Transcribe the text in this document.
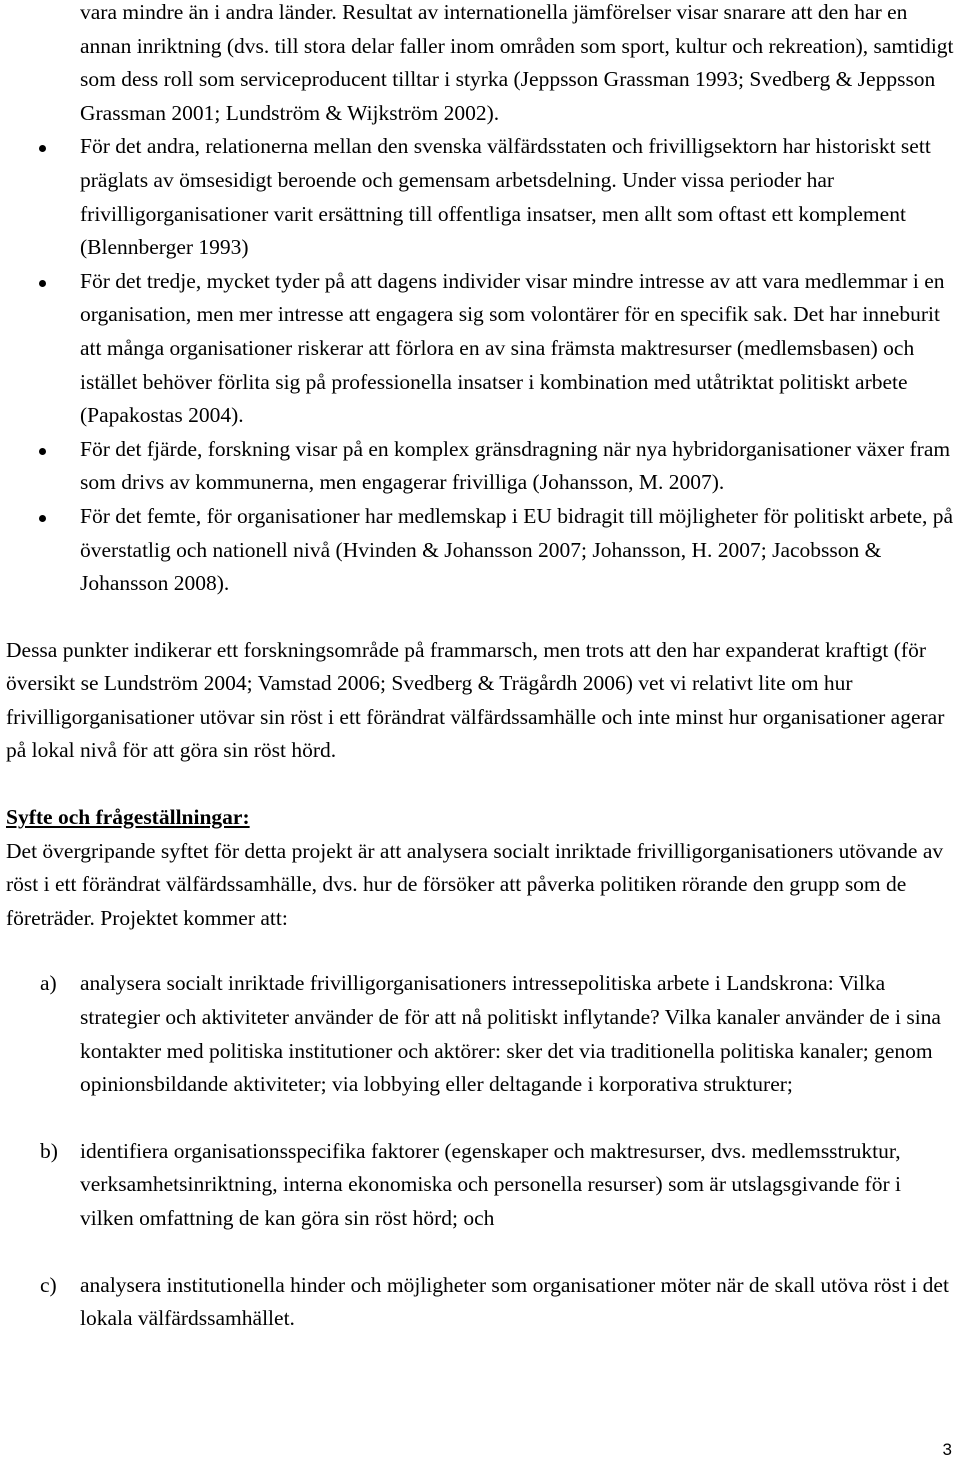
vara mindre än i andra länder. Resultat av internationella jämförelser visar snarare att den har en annan inriktning (dvs. till stora delar faller inom områden som sport, kultur och rekreation), samtidigt som dess roll som serviceproducent tilltar i styrka (Jeppsson Grassman 1993; Svedberg & Jeppsson Grassman 2001; Lundström & Wijkström 2002).

För det andra, relationerna mellan den svenska välfärdsstaten och frivilligsektorn har historiskt sett präglats av ömsesidigt beroende och gemensam arbetsdelning. Under vissa perioder har frivilligorganisationer varit ersättning till offentliga insatser, men allt som oftast ett komplement (Blennberger 1993)
För det tredje, mycket tyder på att dagens individer visar mindre intresse av att vara medlemmar i en organisation, men mer intresse att engagera sig som volontärer för en specifik sak. Det har inneburit att många organisationer riskerar att förlora en av sina främsta maktresurser (medlemsbasen) och istället behöver förlita sig på professionella insatser i kombination med utåtriktat politiskt arbete (Papakostas 2004).
För det fjärde, forskning visar på en komplex gränsdragning när nya hybridorganisationer växer fram som drivs av kommunerna, men engagerar frivilliga (Johansson, M. 2007).
För det femte, för organisationer har medlemskap i EU bidragit till möjligheter för politiskt arbete, på överstatlig och nationell nivå (Hvinden & Johansson 2007; Johansson, H. 2007; Jacobsson & Johansson 2008).

Dessa punkter indikerar ett forskningsområde på frammarsch, men trots att den har expanderat kraftigt (för översikt se Lundström 2004; Vamstad 2006; Svedberg & Trägårdh 2006) vet vi relativt lite om hur frivilligorganisationer utövar sin röst i ett förändrat välfärdssamhälle och inte minst hur organisationer agerar på lokal nivå för att göra sin röst hörd.

Syfte och frågeställningar:

Det övergripande syftet för detta projekt är att analysera socialt inriktade frivilligorganisationers utövande av röst i ett förändrat välfärdssamhälle, dvs. hur de försöker att påverka politiken rörande den grupp som de företräder. Projektet kommer att:

a) analysera socialt inriktade frivilligorganisationers intressepolitiska arbete i Landskrona: Vilka strategier och aktiviteter använder de för att nå politiskt inflytande? Vilka kanaler använder de i sina kontakter med politiska institutioner och aktörer: sker det via traditionella politiska kanaler; genom opinionsbildande aktiviteter; via lobbying eller deltagande i korporativa strukturer;
b) identifiera organisationsspecifika faktorer (egenskaper och maktresurser, dvs. medlemsstruktur, verksamhetsinriktning, interna ekonomiska och personella resurser) som är utslagsgivande för i vilken omfattning de kan göra sin röst hörd; och
c) analysera institutionella hinder och möjligheter som organisationer möter när de skall utöva röst i det lokala välfärdssamhället.
3
